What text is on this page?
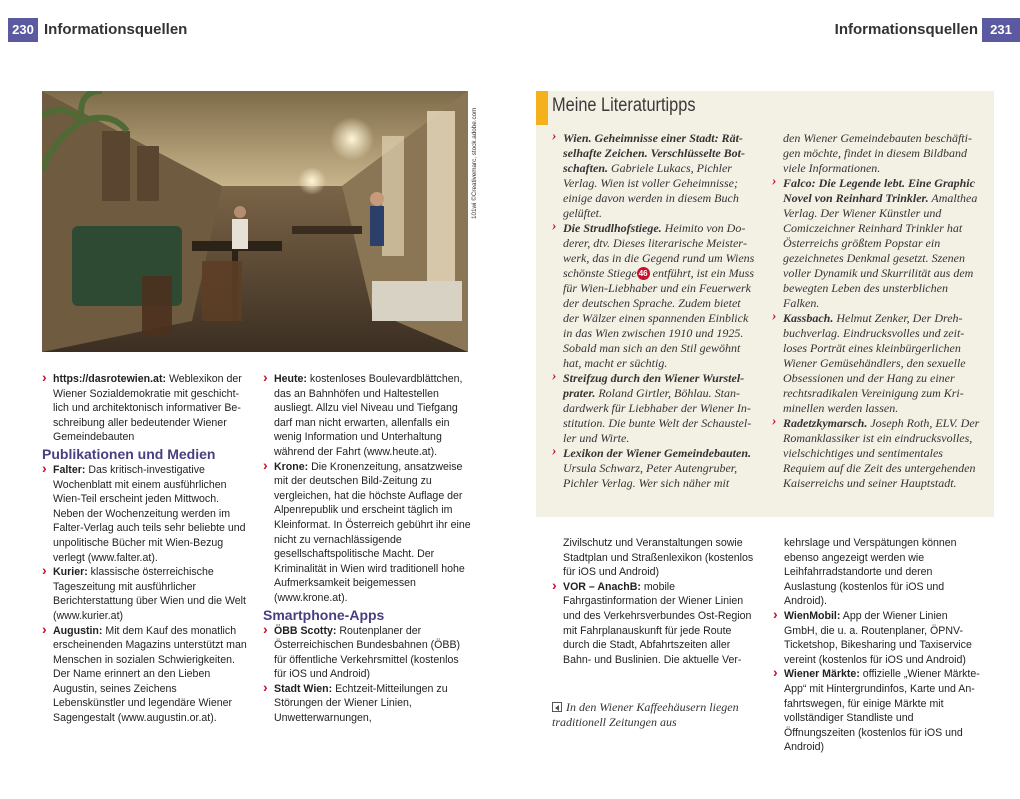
230 Informationsquellen	Informationsquellen 231
101wi ©Creativemarc, stock.adobe.com
› https://dasrotewien.at: Weblexikon der Wiener Sozialdemokratie mit geschichtlich und architektonisch informativer Beschreibung aller bedeutender Wiener Gemeindebauten
Publikationen und Medien
› Falter: Das kritisch-investigative Wochenblatt mit einem ausführlichen Wien-Teil erscheint jeden Mittwoch. Neben der Wochenzeitung werden im Falter-Verlag auch teils sehr beliebte und unpolitische Bücher mit Wien-Bezug verlegt (www.falter.at).
› Kurier: klassische österreichische Tageszeitung mit ausführlicher Berichterstattung über Wien und die Welt (www.kurier.at)
› Augustin: Mit dem Kauf des monatlich erscheinenden Magazins unterstützt man Menschen in sozialen Schwierigkeiten. Der Name erinnert an den Lieben Augustin, seines Zeichens Lebenskünstler und legendäre Wiener Sagengestalt (www.augustin.or.at).
› Heute: kostenloses Boulevardblättchen, das an Bahnhöfen und Haltestellen ausliegt. Allzu viel Niveau und Tiefgang darf man nicht erwarten, allenfalls ein wenig Information und Unterhaltung während der Fahrt (www.heute.at).
› Krone: Die Kronenzeitung, ansatzweise mit der deutschen Bild-Zeitung zu vergleichen, hat die höchste Auflage der Alpenrepublik und erscheint täglich im Kleinformat. In Österreich gebührt ihr eine nicht zu vernachlässigende gesellschaftspolitische Macht. Der Kriminalität in Wien wird traditionell hohe Aufmerksamkeit beigemessen (www.krone.at).
Smartphone-Apps
› ÖBB Scotty: Routenplaner der Österreichischen Bundesbahnen (ÖBB) für öffentliche Verkehrsmittel (kostenlos für iOS und Android)
› Stadt Wien: Echtzeit-Mitteilungen zu Störungen der Wiener Linien, Unwetterwarnungen,
Meine Literaturtipps
› Wien. Geheimnisse einer Stadt: Rätselhafte Zeichen. Verschlüsselte Botschaften. Gabriele Lukacs, Pichler Verlag. Wien ist voller Geheimnisse; einige davon werden in diesem Buch gelüftet.
› Die Strudlhofstiege. Heimito von Doderer, dtv. Dieses literarische Meisterwerk, das in die Gegend rund um Wiens schönste Stiege 46 entführt, ist ein Muss für Wien-Liebhaber und ein Feuerwerk der deutschen Sprache. Zudem bietet der Wälzer einen spannenden Einblick in das Wien zwischen 1910 und 1925. Sobald man sich an den Stil gewöhnt hat, macht er süchtig.
› Streifzug durch den Wiener Wurstelprater. Roland Girtler, Böhlau. Standardwerk für Liebhaber der Wiener Institution. Die bunte Welt der Schausteller und Wirte.
› Lexikon der Wiener Gemeindebauten. Ursula Schwarz, Peter Autengruber, Pichler Verlag. Wer sich näher mit
den Wiener Gemeindebauten beschäftigen möchte, findet in diesem Bildband viele Informationen.
› Falco: Die Legende lebt. Eine Graphic Novel von Reinhard Trinkler. Amalthea Verlag. Der Wiener Künstler und Comiczeichner Reinhard Trinkler hat Österreichs größtem Popstar ein gezeichnetes Denkmal gesetzt. Szenen voller Dynamik und Skurrilität aus dem bewegten Leben des unsterblichen Falken.
› Kassbach. Helmut Zenker, Der Drehbuchverlag. Eindrucksvolles und zeitloses Porträt eines kleinbürgerlichen Wiener Gemüsehändlers, den sexuelle Obsessionen und der Hang zu einer rechtsradikalen Vereinigung zum Kriminellen werden lassen.
› Radetzkymarsch. Joseph Roth, ELV. Der Romanklassiker ist ein eindrucksvolles, vielschichtiges und sentimentales Requiem auf die Zeit des untergehenden Kaiserreichs und seiner Hauptstadt.
Zivilschutz und Veranstaltungen sowie Stadtplan und Straßenlexikon (kostenlos für iOS und Android)
› VOR – AnachB: mobile Fahrgastinformation der Wiener Linien und des Verkehrsverbundes Ost-Region mit Fahrplanauskunft für jede Route durch die Stadt, Abfahrtszeiten aller Bahn- und Buslinien. Die aktuelle Ver-
In den Wiener Kaffeehäusern liegen traditionell Zeitungen aus
kehrslage und Verspätungen können ebenso angezeigt werden wie Leihfahrradstandorte und deren Auslastung (kostenlos für iOS und Android).
› WienMobil: App der Wiener Linien GmbH, die u. a. Routenplaner, ÖPNV-Ticketshop, Bikesharing und Taxiservice vereint (kostenlos für iOS und Android)
› Wiener Märkte: offizielle „Wiener Märkte-App“ mit Hintergrundinfos, Karte und Anfahrtswegen, für einige Märkte mit vollständiger Standliste und Öffnungszeiten (kostenlos für iOS und Android)
